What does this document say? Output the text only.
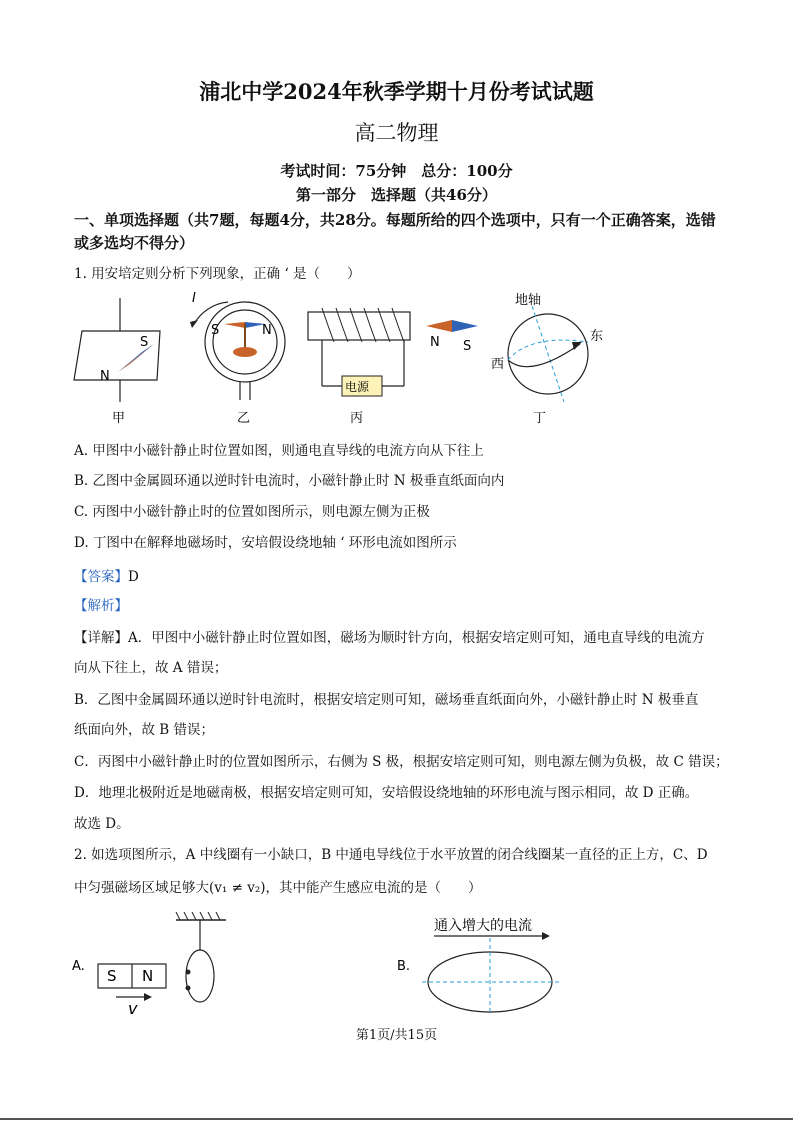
浦北中学2024年秋季学期十月份考试试题
高二物理
考试时间：75分钟　总分：100分
第一部分　选择题（共46分）
一、单项选择题（共7题，每题4分，共28分。每题所给的四个选项中，只有一个正确答案，选错或多选均不得分）
1. 用安培定则分析下列现象，正确 ʻ 是（　　）
S
N
甲
I
S	N
乙
电源
N S
丙
地轴
东
西
丁
A. 甲图中小磁针静止时位置如图，则通电直导线的电流方向从下往上
B. 乙图中金属圆环通以逆时针电流时，小磁针静止时 N 极垂直纸面向内
C. 丙图中小磁针静止时的位置如图所示，则电源左侧为正极
D. 丁图中在解释地磁场时，安培假设绕地轴 ʻ 环形电流如图所示
【答案】D
【解析】
【详解】A．甲图中小磁针静止时位置如图，磁场为顺时针方向，根据安培定则可知，通电直导线的电流方
向从下往上，故 A 错误；
B．乙图中金属圆环通以逆时针电流时，根据安培定则可知，磁场垂直纸面向外，小磁针静止时 N 极垂直
纸面向外，故 B 错误；
C．丙图中小磁针静止时的位置如图所示，右侧为 S 极，根据安培定则可知，则电源左侧为负极，故 C 错误；
D．地理北极附近是地磁南极，根据安培定则可知，安培假设绕地轴的环形电流与图示相同，故 D 正确。
故选 D。
2. 如选项图所示，A 中线圈有一小缺口，B 中通电导线位于水平放置的闭合线圈某一直径的正上方，C、D
中匀强磁场区域足够大(v₁ ≠ v₂)，其中能产生感应电流的是（　　）
A.
S N
v
B.
通入增大的电流
第1页/共15页
